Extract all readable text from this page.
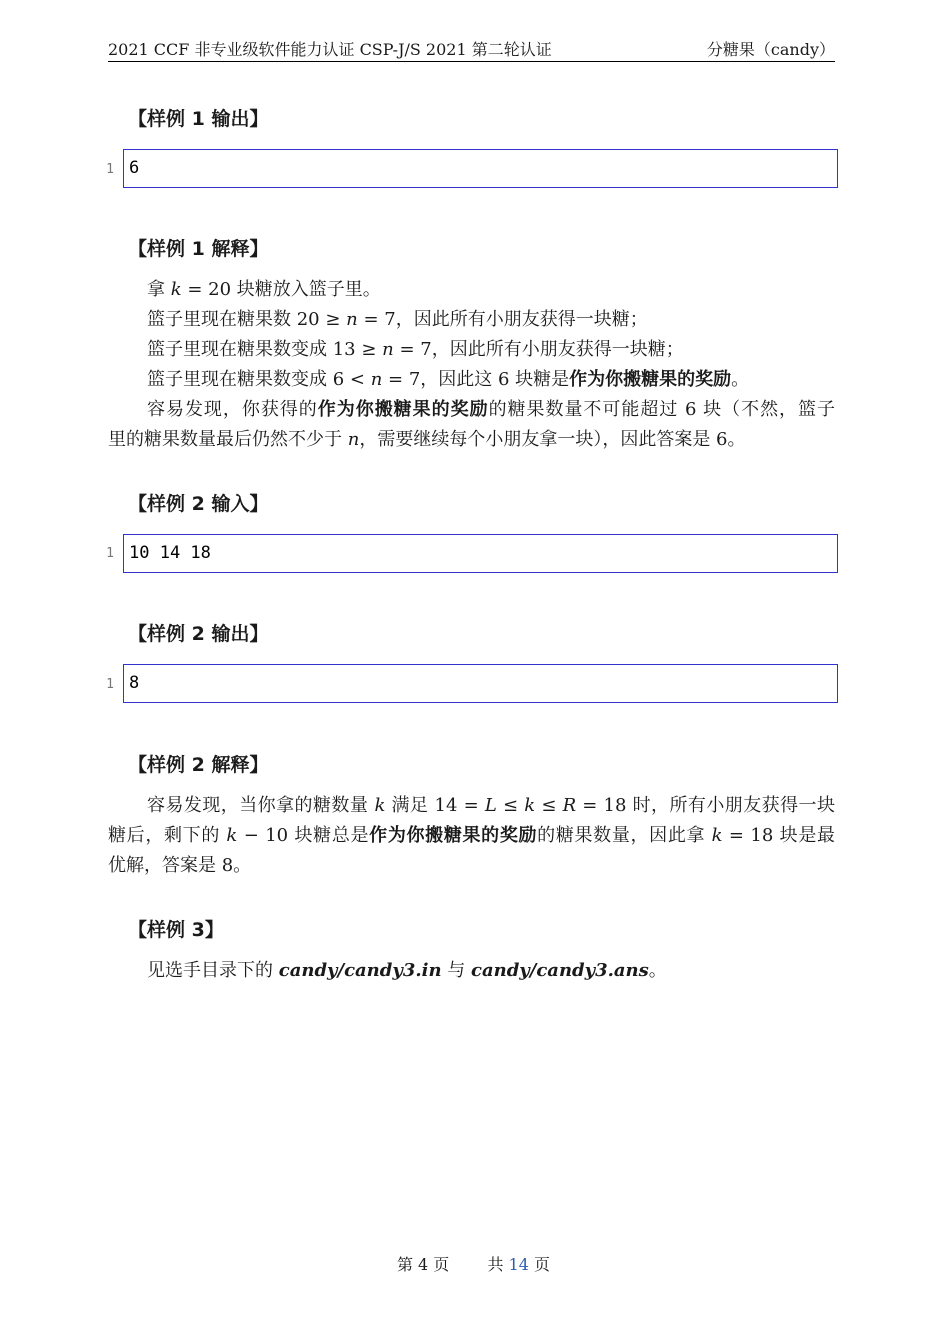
2021 CCF 非专业级软件能力认证 CSP-J/S 2021 第二轮认证	分糖果（candy）
【样例 1 输出】
1 6
【样例 1 解释】
拿 k = 20 块糖放入篮子里。
篮子里现在糖果数 20 ≥ n = 7，因此所有小朋友获得一块糖；
篮子里现在糖果数变成 13 ≥ n = 7，因此所有小朋友获得一块糖；
篮子里现在糖果数变成 6 < n = 7，因此这 6 块糖是作为你搬糖果的奖励。
容易发现，你获得的作为你搬糖果的奖励的糖果数量不可能超过 6 块（不然，篮子
里的糖果数量最后仍然不少于 n，需要继续每个小朋友拿一块），因此答案是 6。
【样例 2 输入】
1 10 14 18
【样例 2 输出】
1 8
【样例 2 解释】
容易发现，当你拿的糖数量 k 满足 14 = L ≤ k ≤ R = 18 时，所有小朋友获得一块
糖后，剩下的 k − 10 块糖总是作为你搬糖果的奖励的糖果数量，因此拿 k = 18 块是最
优解，答案是 8。
【样例 3】
见选手目录下的 candy/candy3.in 与 candy/candy3.ans。
第 4 页 共 14 页
